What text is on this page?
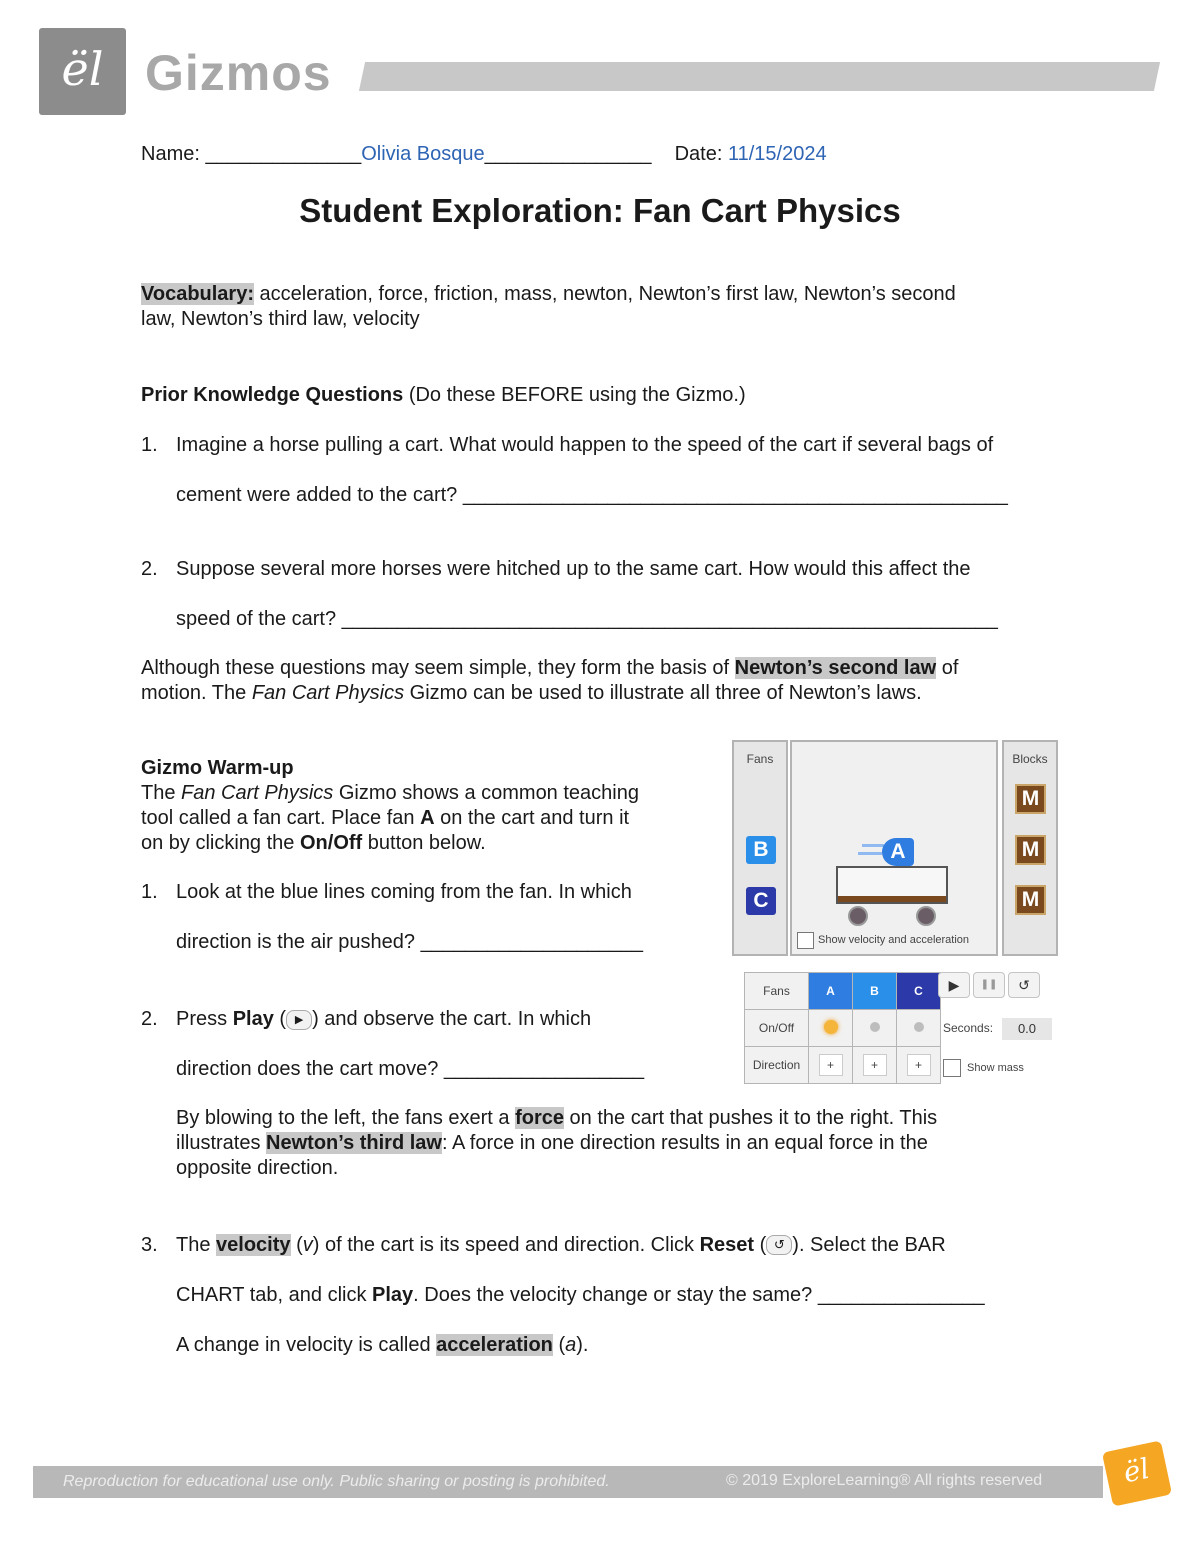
ël Gizmos
Name: ______________Olivia Bosque_______________ Date: 11/15/2024
Student Exploration: Fan Cart Physics
Vocabulary: acceleration, force, friction, mass, newton, Newton’s first law, Newton’s second
law, Newton’s third law, velocity
Prior Knowledge Questions (Do these BEFORE using the Gizmo.)
1. Imagine a horse pulling a cart. What would happen to the speed of the cart if several bags of
cement were added to the cart? _________________________________________________
2. Suppose several more horses were hitched up to the same cart. How would this affect the
speed of the cart? ___________________________________________________________
Although these questions may seem simple, they form the basis of Newton’s second law of
motion. The Fan Cart Physics Gizmo can be used to illustrate all three of Newton’s laws.
Gizmo Warm-up
The Fan Cart Physics Gizmo shows a common teaching
tool called a fan cart. Place fan A on the cart and turn it
on by clicking the On/Off button below.
1. Look at the blue lines coming from the fan. In which
direction is the air pushed? ____________________
2. Press Play ( ▶ ) and observe the cart. In which
direction does the cart move? __________________
By blowing to the left, the fans exert a force on the cart that pushes it to the right. This
illustrates Newton’s third law: A force in one direction results in an equal force in the
opposite direction.
3. The velocity (v) of the cart is its speed and direction. Click Reset ( ↺ ). Select the BAR
CHART tab, and click Play. Does the velocity change or stay the same? _______________
A change in velocity is called acceleration (a).
Fans
B
C
A
Show velocity and acceleration
Blocks
M
M
M
Fans	A	B	C
On/Off			
Direction	+	+	+
▶	❚❚	↺
Seconds:	0.0
Show mass
Reproduction for educational use only. Public sharing or posting is prohibited.	© 2019 ExploreLearning® All rights reserved	ël
